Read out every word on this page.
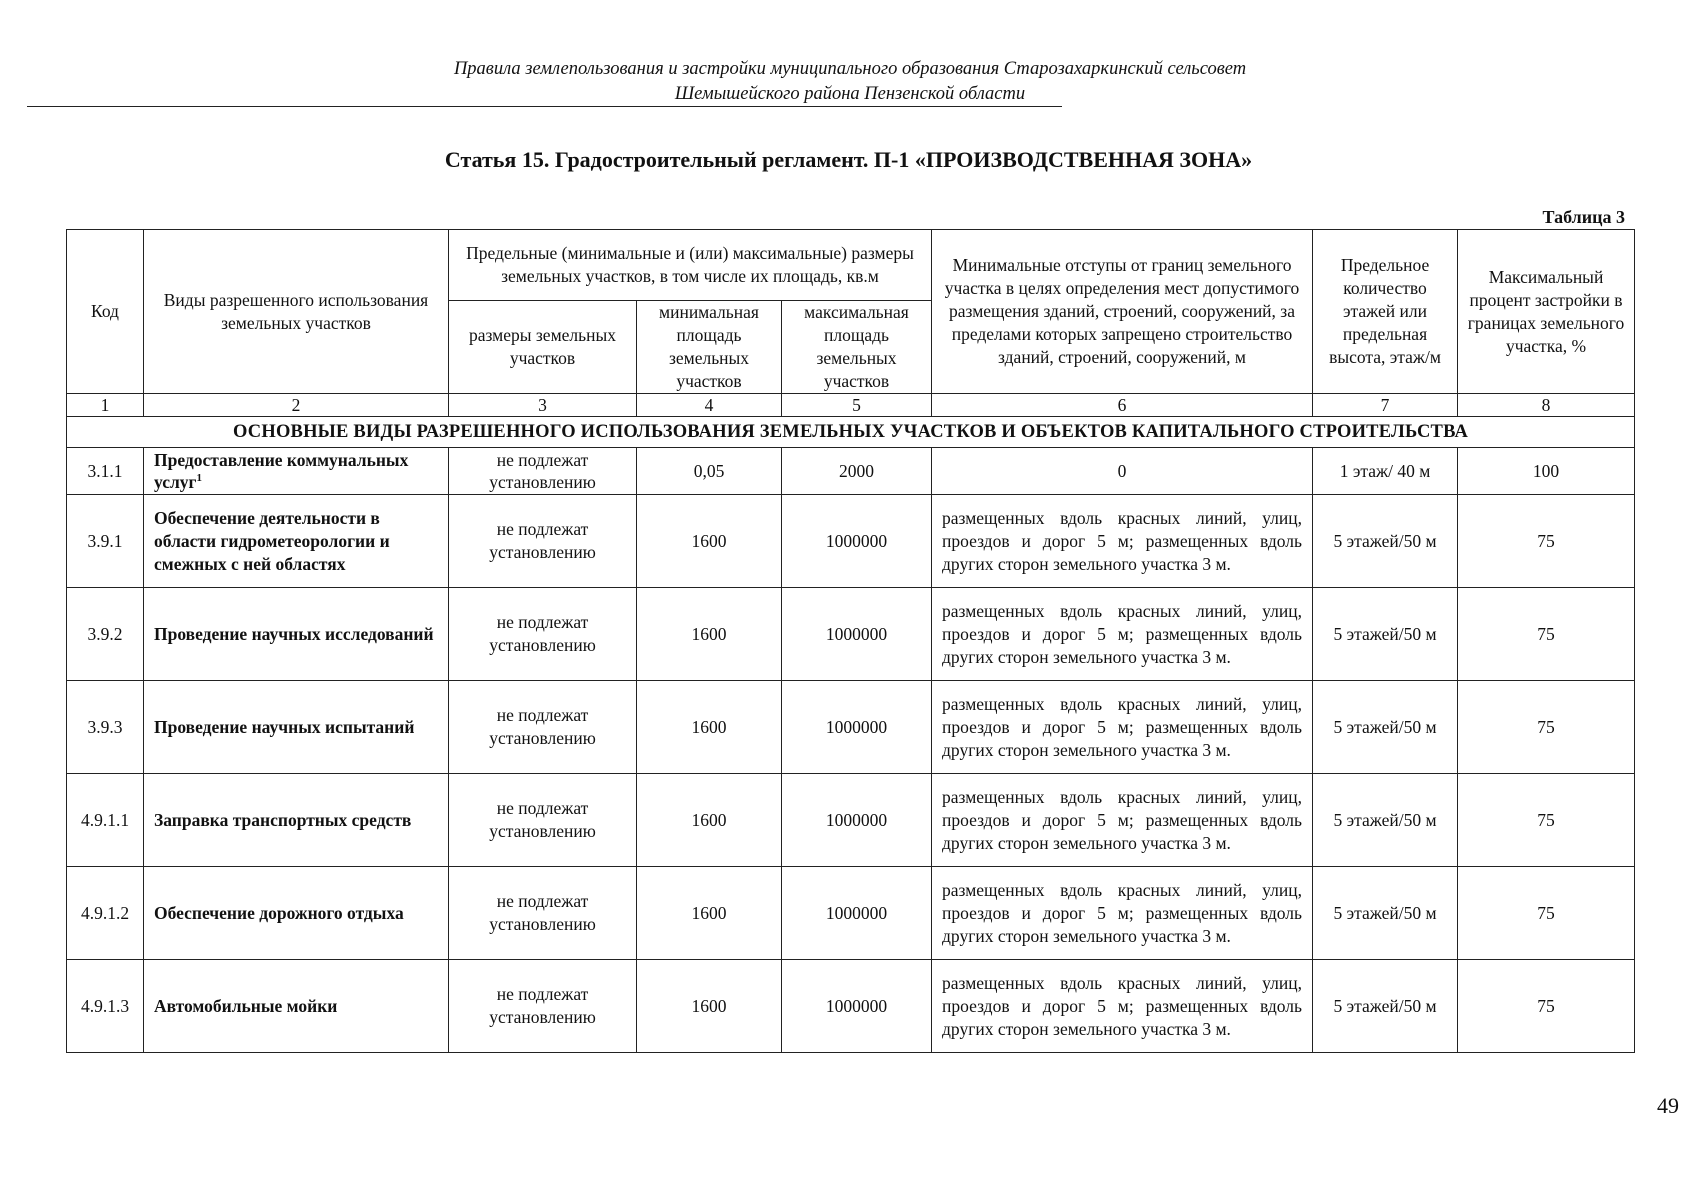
Правила землепользования и застройки муниципального образования Старозахаркинский сельсовет
Шемышейского района Пензенской области
Статья 15. Градостроительный регламент. П-1 «ПРОИЗВОДСТВЕННАЯ ЗОНА»
Таблица 3
Код	Виды разрешенного использования земельных участков	Предельные (минимальные и (или) максимальные) размеры земельных участков, в том числе их площадь, кв.м			Минимальные отступы от границ земельного участка в целях определения мест допустимого размещения зданий, строений, сооружений, за пределами которых запрещено строительство зданий, строений, сооружений, м	Предельное количество этажей или предельная высота, этаж/м	Максимальный процент застройки в границах земельного участка, %
		размеры земельных участков	минимальная площадь земельных участков	максимальная площадь земельных участков			
1	2	3	4	5	6	7	8
ОСНОВНЫЕ ВИДЫ РАЗРЕШЕННОГО ИСПОЛЬЗОВАНИЯ ЗЕМЕЛЬНЫХ УЧАСТКОВ И ОБЪЕКТОВ КАПИТАЛЬНОГО СТРОИТЕЛЬСТВА							
3.1.1	Предоставление коммунальных услуг$^1$	не подлежат установлению	0,05	2000	0	1 этаж/ 40 м	100
3.9.1	Обеспечение деятельности в области гидрометеорологии и смежных с ней областях	не подлежат установлению	1600	1000000	размещенных вдоль красных линий, улиц, проездов и дорог 5 м; размещенных вдоль других сторон земельного участка 3 м.	5 этажей/50 м	75
3.9.2	Проведение научных исследований	не подлежат установлению	1600	1000000	размещенных вдоль красных линий, улиц, проездов и дорог 5 м; размещенных вдоль других сторон земельного участка 3 м.	5 этажей/50 м	75
3.9.3	Проведение научных испытаний	не подлежат установлению	1600	1000000	размещенных вдоль красных линий, улиц, проездов и дорог 5 м; размещенных вдоль других сторон земельного участка 3 м.	5 этажей/50 м	75
4.9.1.1	Заправка транспортных средств	не подлежат установлению	1600	1000000	размещенных вдоль красных линий, улиц, проездов и дорог 5 м; размещенных вдоль других сторон земельного участка 3 м.	5 этажей/50 м	75
4.9.1.2	Обеспечение дорожного отдыха	не подлежат установлению	1600	1000000	размещенных вдоль красных линий, улиц, проездов и дорог 5 м; размещенных вдоль других сторон земельного участка 3 м.	5 этажей/50 м	75
4.9.1.3	Автомобильные мойки	не подлежат установлению	1600	1000000	размещенных вдоль красных линий, улиц, проездов и дорог 5 м; размещенных вдоль других сторон земельного участка 3 м.	5 этажей/50 м	75
49
